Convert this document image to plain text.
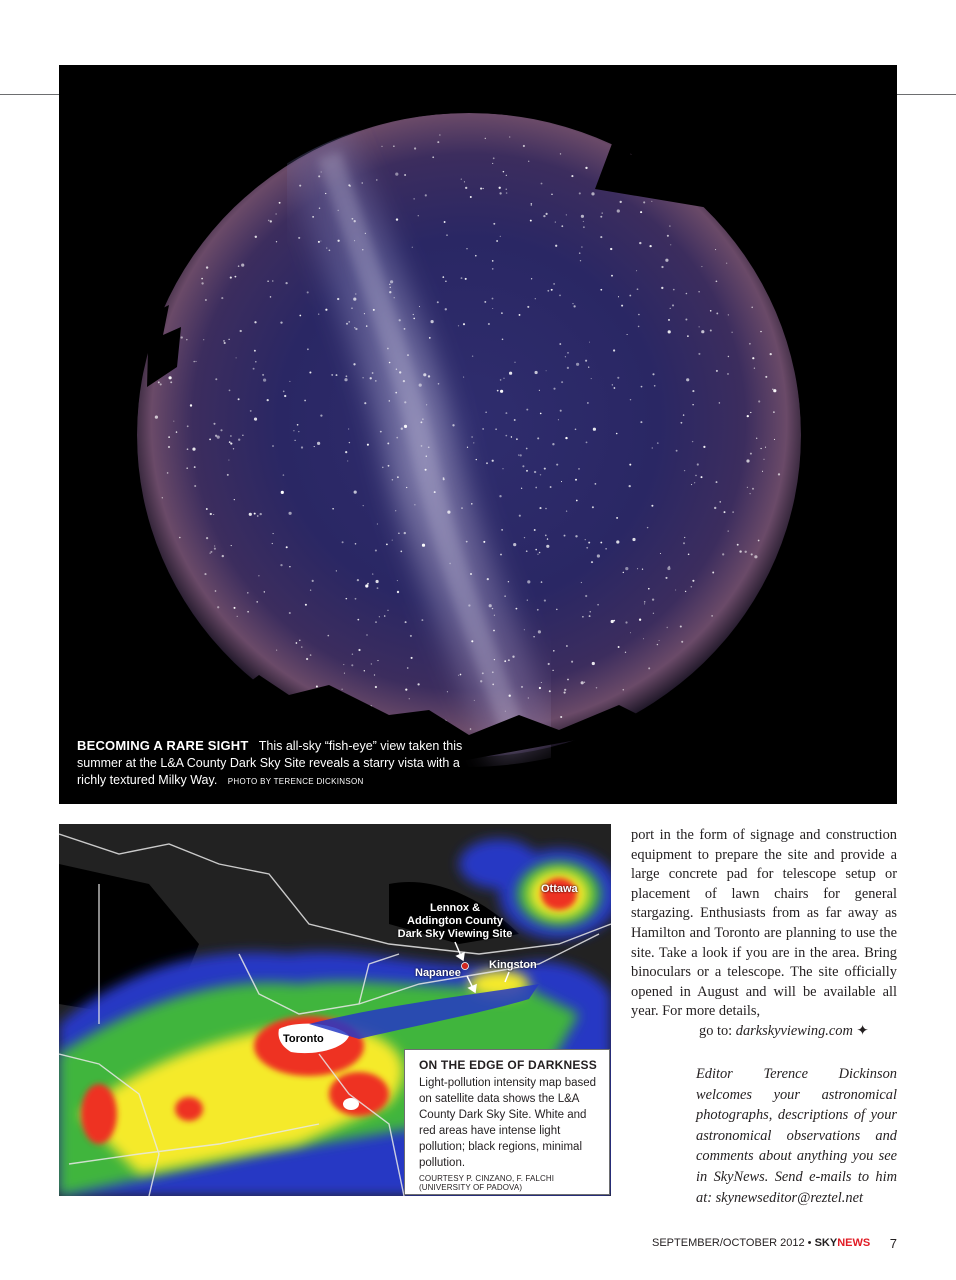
BECOMING A RARE SIGHT This all-sky “fish-eye” view taken this summer at the L&A County Dark Sky Site reveals a starry vista with a richly textured Milky Way. PHOTO BY TERENCE DICKINSON
Ottawa
Lennox &
Addington County
Dark Sky Viewing Site
Kingston
Napanee
Toronto
ON THE EDGE OF DARKNESS
Light-pollution intensity map based on satellite data shows the L&A County Dark Sky Site. White and red areas have intense light pollution; black regions, minimal pollution.
COURTESY P. CINZANO, F. FALCHI (UNIVERSITY OF PADOVA)
port in the form of signage and construction equipment to prepare the site and provide a large concrete pad for telescope setup or placement of lawn chairs for general stargazing. Enthusiasts from as far away as Hamilton and Toronto are planning to use the site. Take a look if you are in the area. Bring binoculars or a telescope. The site officially opened in August and will be available all year. For more details,
go to: darkskyviewing.com ✦
Editor Terence Dickinson welcomes your astronomical photographs, descriptions of your astronomical observations and comments about anything you see in SkyNews. Send e-mails to him at: skynewseditor@reztel.net
SEPTEMBER/OCTOBER 2012 • SKYNEWS 7
